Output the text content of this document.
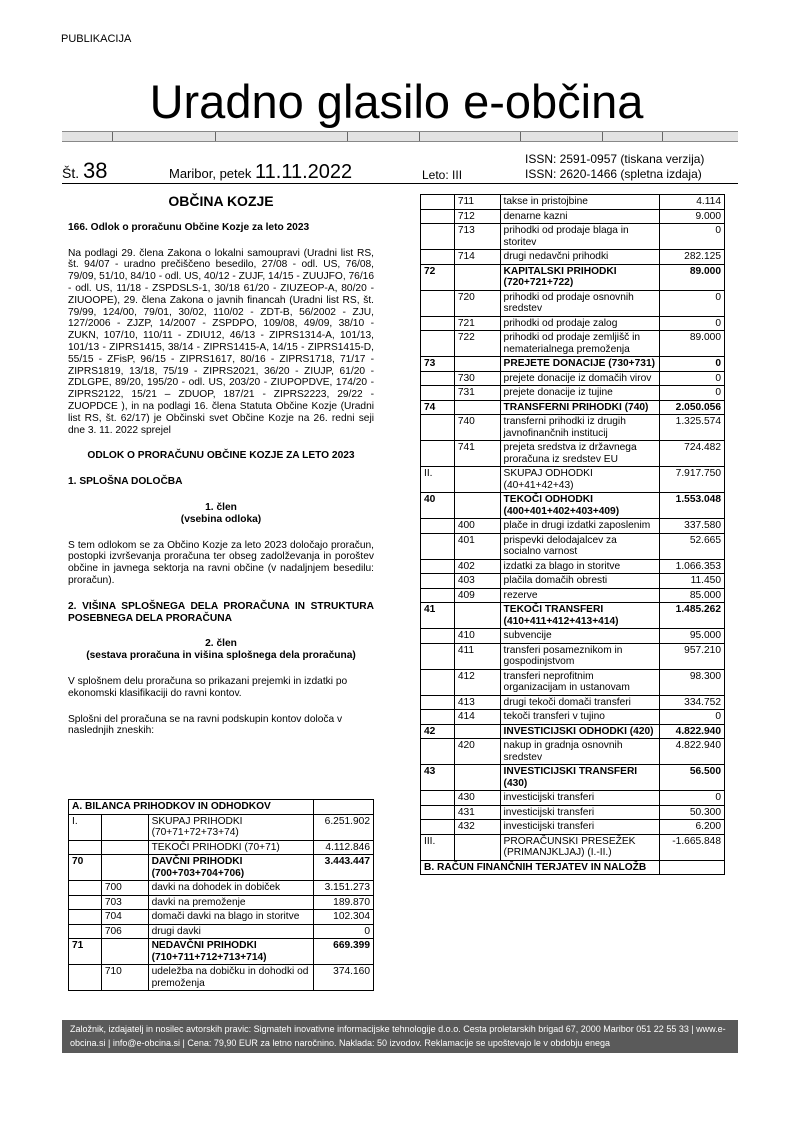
PUBLIKACIJA
Uradno glasilo e-občina
Št. 38	Maribor, petek 11.11.2022	Leto: III
ISSN: 2591-0957 (tiskana verzija)
ISSN: 2620-1466 (spletna izdaja)
OBČINA KOZJE

166. Odlok o proračunu Občine Kozje za leto 2023

Na podlagi 29. člena Zakona o lokalni samoupravi (Uradni list RS, št. 94/07 - uradno prečiščeno besedilo, 27/08 - odl. US, 76/08, 79/09, 51/10, 84/10 - odl. US, 40/12 - ZUJF, 14/15 - ZUUJFO, 76/16 - odl. US, 11/18 - ZSPDSLS-1, 30/18 61/20 - ZIUZEOP-A, 80/20 - ZIUOOPE), 29. člena Zakona o javnih financah (Uradni list RS, št. 79/99, 124/00, 79/01, 30/02, 110/02 - ZDT-B, 56/2002 - ZJU, 127/2006 - ZJZP, 14/2007 - ZSPDPO, 109/08, 49/09, 38/10 - ZUKN, 107/10, 110/11 - ZDIU12, 46/13 - ZIPRS1314-A, 101/13, 101/13 - ZIPRS1415, 38/14 - ZIPRS1415-A, 14/15 - ZIPRS1415-D, 55/15 - ZFisP, 96/15 - ZIPRS1617, 80/16 - ZIPRS1718, 71/17 - ZIPRS1819, 13/18, 75/19 - ZIPRS2021, 36/20 - ZIUJP, 61/20 - ZDLGPE, 89/20, 195/20 - odl. US, 203/20 - ZIUPOPDVE, 174/20 - ZIPRS2122, 15/21 – ZDUOP, 187/21 - ZIPRS2223, 29/22 - ZUOPDCE ), in na podlagi 16. člena Statuta Občine Kozje (Uradni list RS, št. 62/17) je Občinski svet Občine Kozje na 26. redni seji dne 3. 11. 2022 sprejel

ODLOK O PRORAČUNU OBČINE KOZJE ZA LETO 2023

1. SPLOŠNA DOLOČBA

1. člen

(vsebina odloka)

S tem odlokom se za Občino Kozje za leto 2023 določajo proračun, postopki izvrševanja proračuna ter obseg zadolževanja in poroštev občine in javnega sektorja na ravni občine (v nadaljnjem besedilu: proračun).

2. VIŠINA SPLOŠNEGA DELA PRORAČUNA IN STRUKTURA POSEBNEGA DELA PRORAČUNA

2. člen

(sestava proračuna in višina splošnega dela proračuna)

V splošnem delu proračuna so prikazani prejemki in izdatki po ekonomski klasifikaciji do ravni kontov.

Splošni del proračuna se na ravni podskupin kontov določa v naslednjih zneskih:

A. BILANCA PRIHODKOV IN ODHODKOV			
I.		SKUPAJ PRIHODKI (70+71+72+73+74)	6.251.902
		TEKOČI PRIHODKI (70+71)	4.112.846
70		DAVČNI PRIHODKI (700+703+704+706)	3.443.447
	700	davki na dohodek in dobiček	3.151.273
	703	davki na premoženje	189.870
	704	domači davki na blago in storitve	102.304
	706	drugi davki	0
71		NEDAVČNI PRIHODKI (710+711+712+713+714)	669.399
	710	udeležba na dobičku in dohodki od premoženja	374.160
	711	takse in pristojbine	4.114
	712	denarne kazni	9.000
	713	prihodki od prodaje blaga in storitev	0
	714	drugi nedavčni prihodki	282.125
72		KAPITALSKI PRIHODKI (720+721+722)	89.000
	720	prihodki od prodaje osnovnih sredstev	0
	721	prihodki od prodaje zalog	0
	722	prihodki od prodaje zemljišč in nematerialnega premoženja	89.000
73		PREJETE DONACIJE (730+731)	0
	730	prejete donacije iz domačih virov	0
	731	prejete donacije iz tujine	0
74		TRANSFERNI PRIHODKI (740)	2.050.056
	740	transferni prihodki iz drugih javnofinančnih institucij	1.325.574
	741	prejeta sredstva iz državnega proračuna iz sredstev EU	724.482
II.		SKUPAJ ODHODKI (40+41+42+43)	7.917.750
40		TEKOČI ODHODKI (400+401+402+403+409)	1.553.048
	400	plače in drugi izdatki zaposlenim	337.580
	401	prispevki delodajalcev za socialno varnost	52.665
	402	izdatki za blago in storitve	1.066.353
	403	plačila domačih obresti	11.450
	409	rezerve	85.000
41		TEKOČI TRANSFERI (410+411+412+413+414)	1.485.262
	410	subvencije	95.000
	411	transferi posameznikom in gospodinjstvom	957.210
	412	transferi neprofitnim organizacijam in ustanovam	98.300
	413	drugi tekoči domači transferi	334.752
	414	tekoči transferi v tujino	0
42		INVESTICIJSKI ODHODKI (420)	4.822.940
	420	nakup in gradnja osnovnih sredstev	4.822.940
43		INVESTICIJSKI TRANSFERI (430)	56.500
	430	investicijski transferi	0
	431	investicijski transferi	50.300
	432	investicijski transferi	6.200
III.		PRORAČUNSKI PRESEŽEK (PRIMANJKLJAJ) (I.-II.)	-1.665.848
B. RAČUN FINANČNIH TERJATEV IN NALOŽB			
Založnik, izdajatelj in nosilec avtorskih pravic: Sigmateh inovativne informacijske tehnologije d.o.o. Cesta proletarskih brigad 67, 2000 Maribor 051 22 55 33 | www.e-obcina.si | info@e-obcina.si | Cena: 79,90 EUR za letno naročnino. Naklada: 50 izvodov. Reklamacije se upoštevajo le v obdobju enega
